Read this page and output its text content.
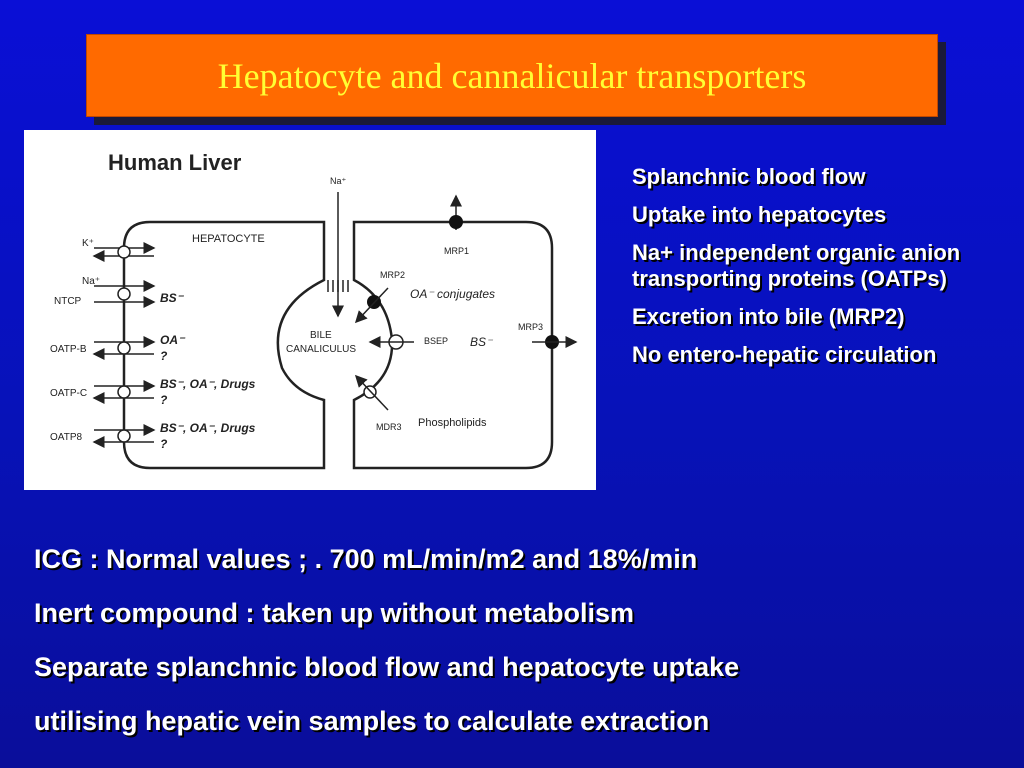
Hepatocyte and cannalicular transporters
Human Liver
HEPATOCYTE
BILE
CANALICULUS
Na⁺
K⁺
Na⁺
NTCP
OATP-B
OATP-C
OATP8
BS⁻
OA⁻
?
BS⁻, OA⁻, Drugs
?
BS⁻, OA⁻, Drugs
?
MRP1
MRP2
OA⁻ conjugates
BSEP BS⁻
MRP3
MDR3 Phospholipids
Splanchnic blood flow
Uptake into hepatocytes
Na+ independent organic anion transporting proteins (OATPs)
Excretion into bile (MRP2)
No entero-hepatic circulation
ICG : Normal values ; . 700 mL/min/m2 and 18%/min
Inert compound : taken up without metabolism
Separate splanchnic blood flow and hepatocyte uptake
utilising hepatic vein samples to calculate extraction
